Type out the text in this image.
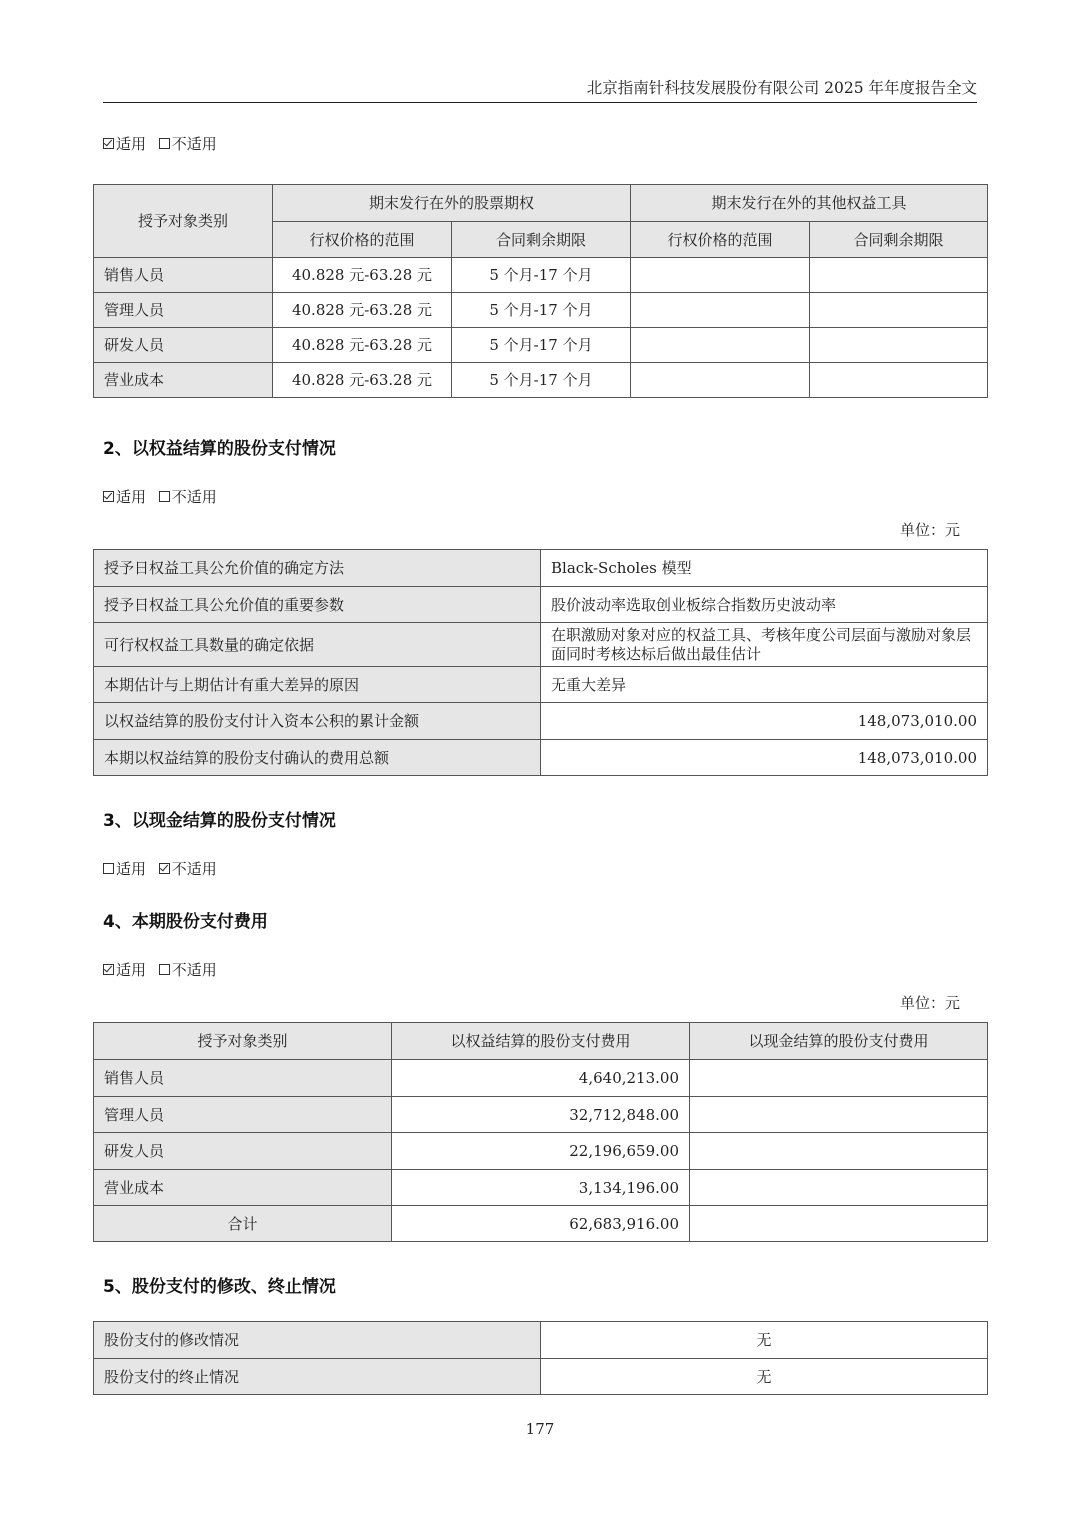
北京指南针科技发展股份有限公司 2025 年年度报告全文
适用 不适用
授予对象类别	期末发行在外的股票期权		期末发行在外的其他权益工具	
	行权价格的范围	合同剩余期限	行权价格的范围	合同剩余期限
销售人员	40.828 元-63.28 元	5 个月-17 个月		
管理人员	40.828 元-63.28 元	5 个月-17 个月		
研发人员	40.828 元-63.28 元	5 个月-17 个月		
营业成本	40.828 元-63.28 元	5 个月-17 个月		
2、以权益结算的股份支付情况
适用 不适用
单位：元
授予日权益工具公允价值的确定方法	Black-Scholes 模型
授予日权益工具公允价值的重要参数	股价波动率选取创业板综合指数历史波动率
可行权权益工具数量的确定依据	在职激励对象对应的权益工具、考核年度公司层面与激励对象层面同时考核达标后做出最佳估计
本期估计与上期估计有重大差异的原因	无重大差异
以权益结算的股份支付计入资本公积的累计金额	148,073,010.00
本期以权益结算的股份支付确认的费用总额	148,073,010.00
3、以现金结算的股份支付情况
适用 不适用
4、本期股份支付费用
适用 不适用
单位：元
授予对象类别	以权益结算的股份支付费用	以现金结算的股份支付费用
销售人员	4,640,213.00	
管理人员	32,712,848.00	
研发人员	22,196,659.00	
营业成本	3,134,196.00	
合计	62,683,916.00	
5、股份支付的修改、终止情况
股份支付的修改情况	无
股份支付的终止情况	无
177
